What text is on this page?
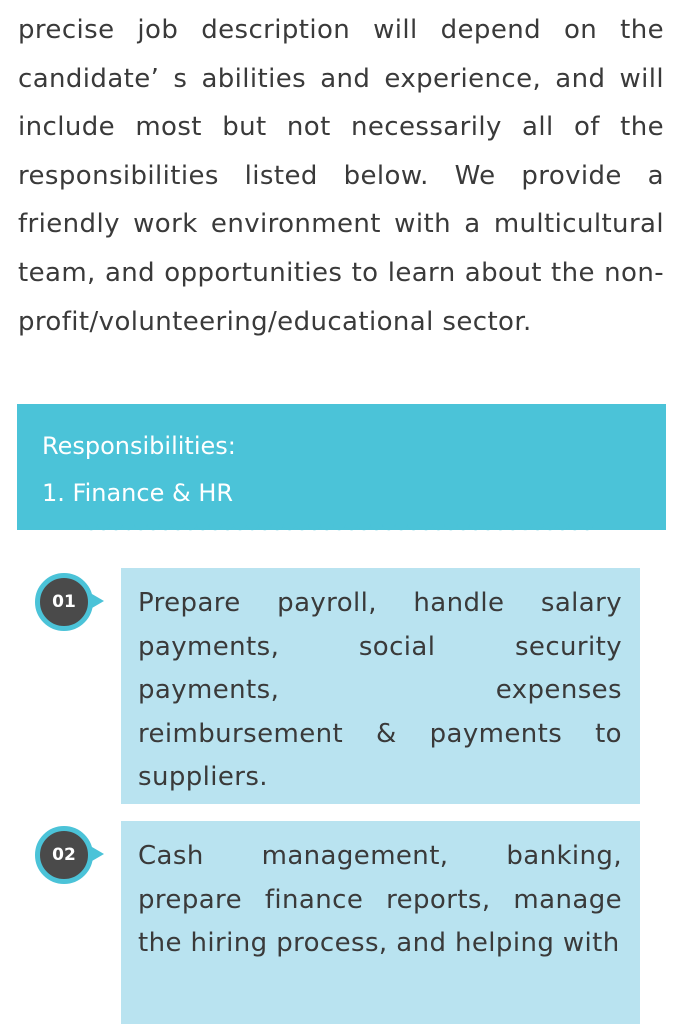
precise job description will depend on the candidate’ s abilities and experience, and will include most but not necessarily all of the responsibilities listed below. We provide a friendly work environment with a multicultural team, and opportunities to learn about the non-profit/volunteering/educational sector.

Responsibilities:
1. Finance & HR
01	Prepare payroll, handle salary payments, social security payments, expenses reimbursement & payments to suppliers.

02	Cash management, banking, prepare finance reports, manage the hiring process, and helping with
